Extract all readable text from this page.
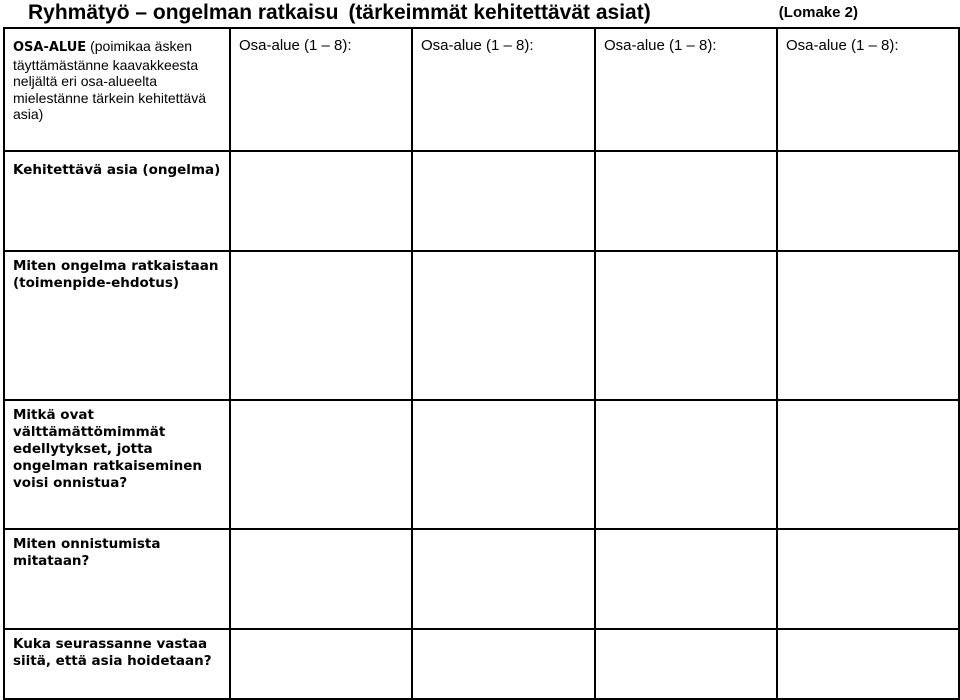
Ryhmätyö – ongelman ratkaisu (tärkeimmät kehitettävät asiat)	(Lomake 2)
OSA-ALUE (poimikaa äsken täyttämästänne kaavakkeesta neljältä eri osa-alueelta mielestänne tärkein kehitettävä asia)	Osa-alue (1 – 8):	Osa-alue (1 – 8):	Osa-alue (1 – 8):	Osa-alue (1 – 8):
Kehitettävä asia (ongelma)				
Miten ongelma ratkaistaan (toimenpide-ehdotus)				
Mitkä ovat välttämättömimmät edellytykset, jotta ongelman ratkaiseminen voisi onnistua?				
Miten onnistumista mitataan?				
Kuka seurassanne vastaa siitä, että asia hoidetaan?				
